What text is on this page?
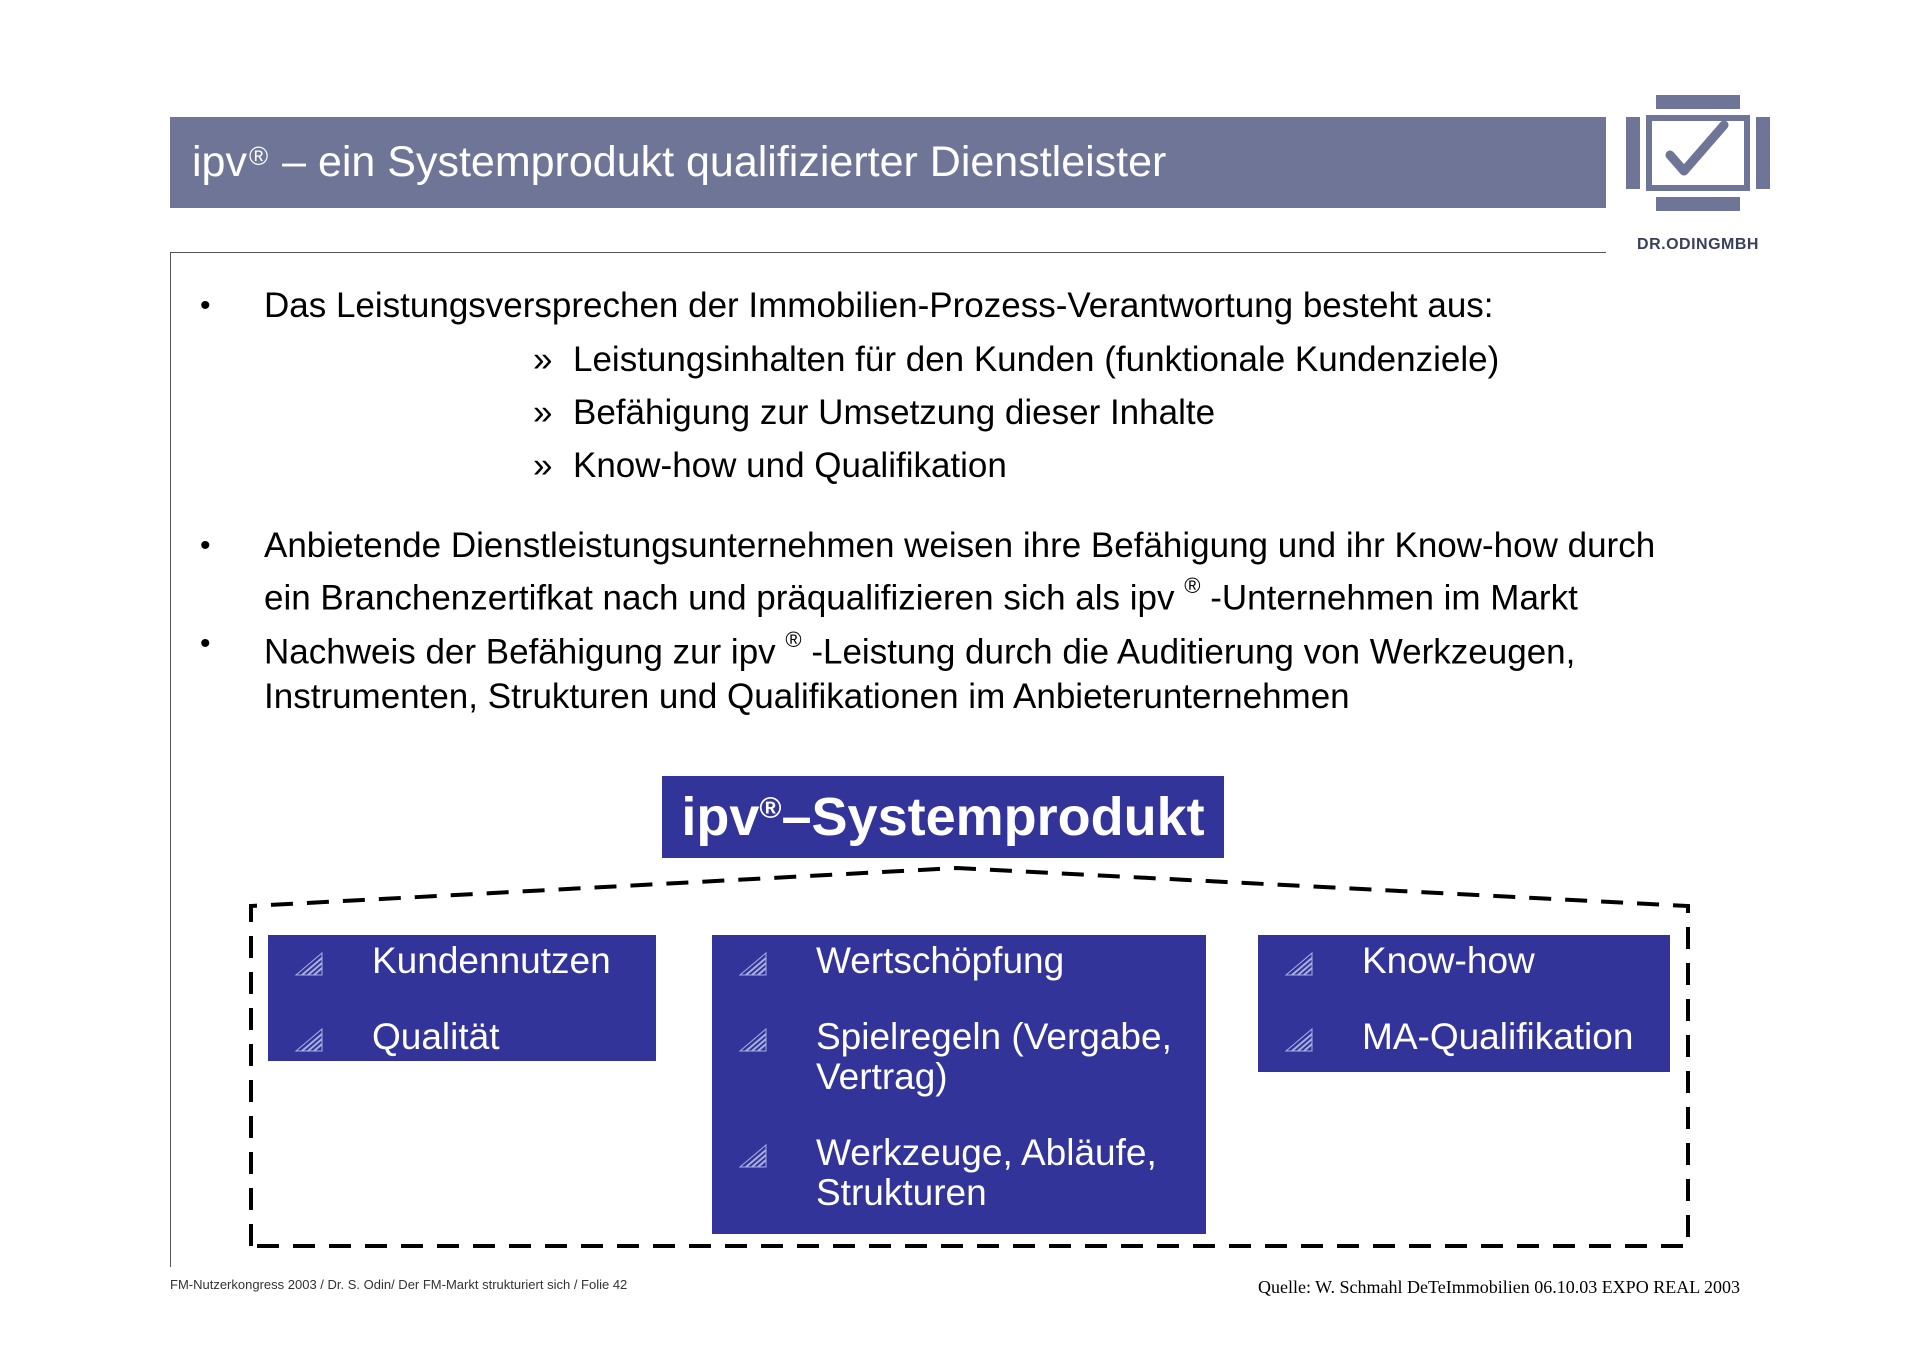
ipv® – ein Systemprodukt qualifizierter Dienstleister
DR.ODINGMBH
• Das Leistungsversprechen der Immobilien-Prozess-Verantwortung besteht aus:
» Leistungsinhalten für den Kunden (funktionale Kundenziele)
» Befähigung zur Umsetzung dieser Inhalte
» Know-how und Qualifikation
• Anbietende Dienstleistungsunternehmen weisen ihre Befähigung und ihr Know-how durch
ein Branchenzertifkat nach und präqualifizieren sich als ipv ® -Unternehmen im Markt
• Nachweis der Befähigung zur ipv ® -Leistung durch die Auditierung von Werkzeugen,
Instrumenten, Strukturen und Qualifikationen im Anbieterunternehmen
ipv® –Systemprodukt
Kundennutzen
Qualität
Wertschöpfung
Spielregeln (Vergabe,
Vertrag)
Werkzeuge, Abläufe,
Strukturen
Know-how
MA-Qualifikation
FM-Nutzerkongress 2003 / Dr. S. Odin/ Der FM-Markt strukturiert sich / Folie 42	Quelle: W. Schmahl DeTeImmobilien 06.10.03 EXPO REAL 2003
